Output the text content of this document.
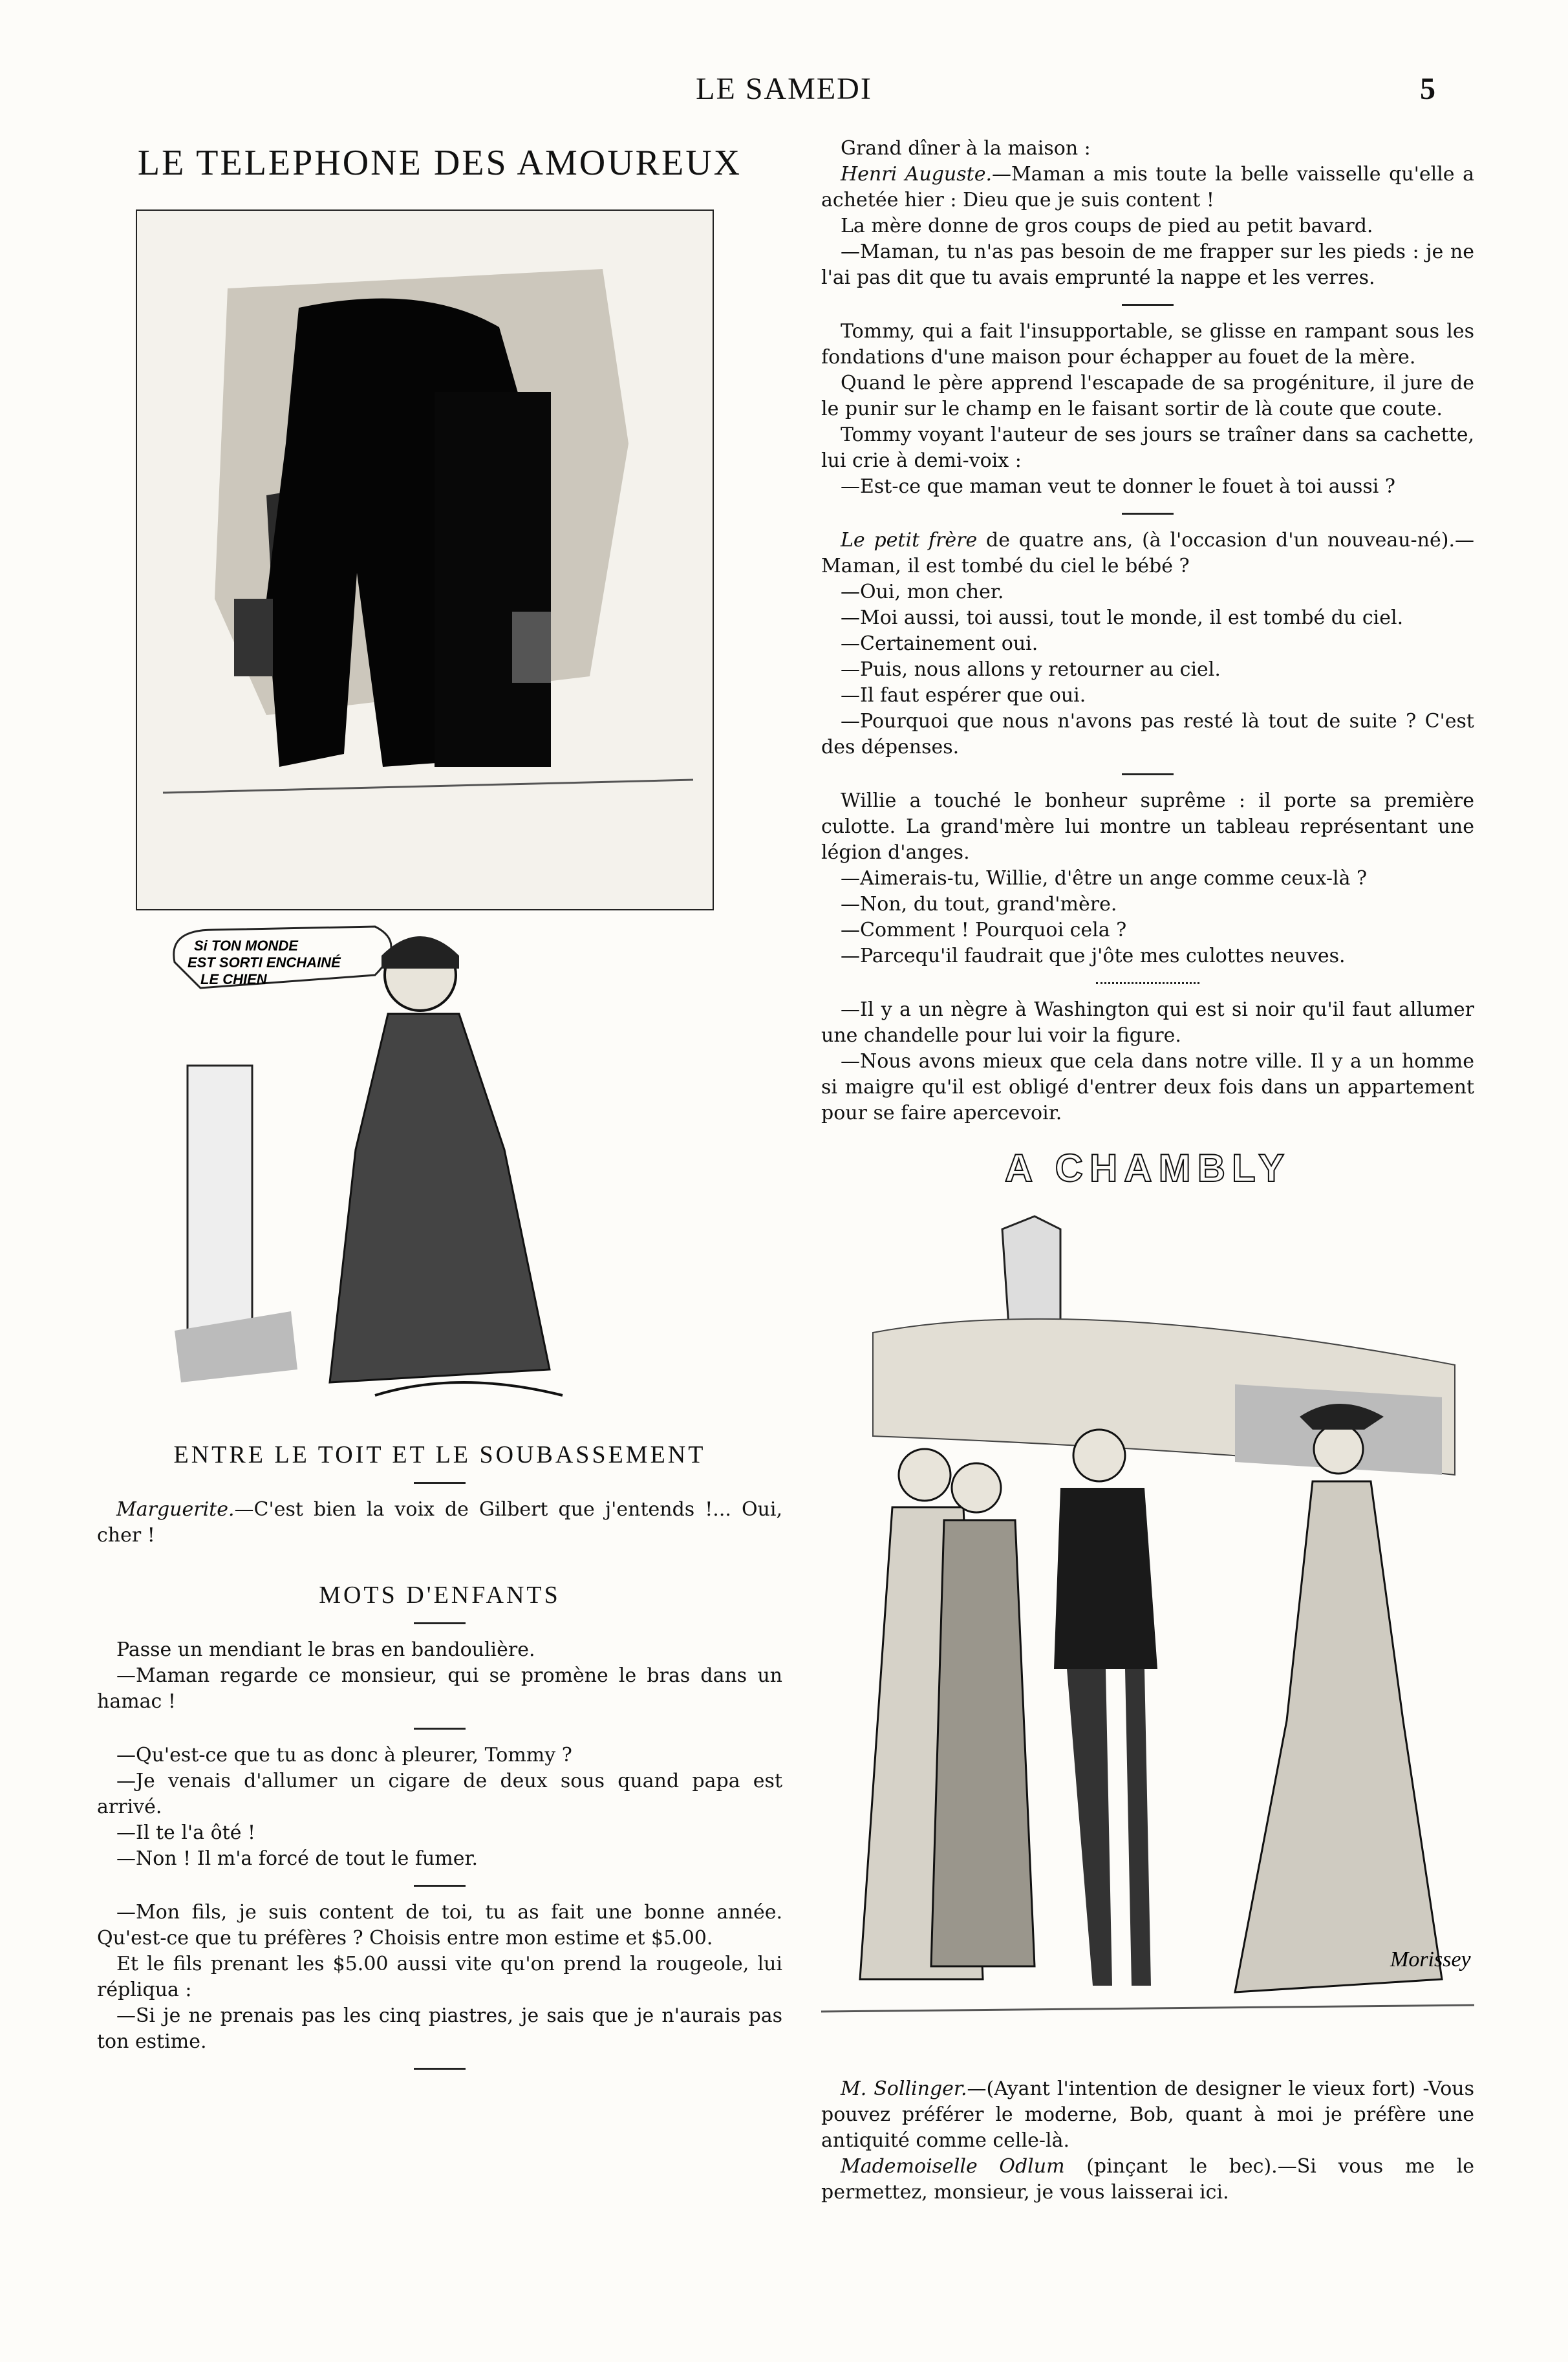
LE SAMEDI	5
LE TELEPHONE DES AMOUREUX
Si TON MONDE
EST SORTI ENCHAINÉ
LE CHIEN
ENTRE LE TOIT ET LE SOUBASSEMENT

Marguerite.—C'est bien la voix de Gilbert que j'entends !... Oui, cher !

MOTS D'ENFANTS

Passe un mendiant le bras en bandoulière.

—Maman regarde ce monsieur, qui se promène le bras dans un hamac !

—Qu'est-ce que tu as donc à pleurer, Tommy ?

—Je venais d'allumer un cigare de deux sous quand papa est arrivé.

—Il te l'a ôté !

—Non ! Il m'a forcé de tout le fumer.

—Mon fils, je suis content de toi, tu as fait une bonne année. Qu'est-ce que tu préfères ? Choisis entre mon estime et $5.00.

Et le fils prenant les $5.00 aussi vite qu'on prend la rougeole, lui répliqua :

—Si je ne prenais pas les cinq piastres, je sais que je n'aurais pas ton estime.

Grand dîner à la maison :

Henri Auguste.—Maman a mis toute la belle vaisselle qu'elle a achetée hier : Dieu que je suis content !

La mère donne de gros coups de pied au petit bavard.

—Maman, tu n'as pas besoin de me frapper sur les pieds : je ne l'ai pas dit que tu avais emprunté la nappe et les verres.

Tommy, qui a fait l'insupportable, se glisse en rampant sous les fondations d'une maison pour échapper au fouet de la mère.

Quand le père apprend l'escapade de sa progéniture, il jure de le punir sur le champ en le faisant sortir de là coute que coute.

Tommy voyant l'auteur de ses jours se traîner dans sa cachette, lui crie à demi-voix :

—Est-ce que maman veut te donner le fouet à toi aussi ?

Le petit frère de quatre ans, (à l'occasion d'un nouveau-né).—Maman, il est tombé du ciel le bébé ?

—Oui, mon cher.

—Moi aussi, toi aussi, tout le monde, il est tombé du ciel.

—Certainement oui.

—Puis, nous allons y retourner au ciel.

—Il faut espérer que oui.

—Pourquoi que nous n'avons pas resté là tout de suite ? C'est des dépenses.

Willie a touché le bonheur suprême : il porte sa première culotte. La grand'mère lui montre un tableau représentant une légion d'anges.

—Aimerais-tu, Willie, d'être un ange comme ceux-là ?

—Non, du tout, grand'mère.

—Comment ! Pourquoi cela ?

—Parcequ'il faudrait que j'ôte mes culottes neuves.

—Il y a un nègre à Washington qui est si noir qu'il faut allumer une chandelle pour lui voir la figure.

—Nous avons mieux que cela dans notre ville. Il y a un homme si maigre qu'il est obligé d'entrer deux fois dans un appartement pour se faire apercevoir.

A CHAMBLY
Morissey

M. Sollinger.—(Ayant l'intention de designer le vieux fort) -Vous pouvez préférer le moderne, Bob, quant à moi je préfère une antiquité comme celle-là.

Mademoiselle Odlum (pinçant le bec).—Si vous me le permettez, monsieur, je vous laisserai ici.
